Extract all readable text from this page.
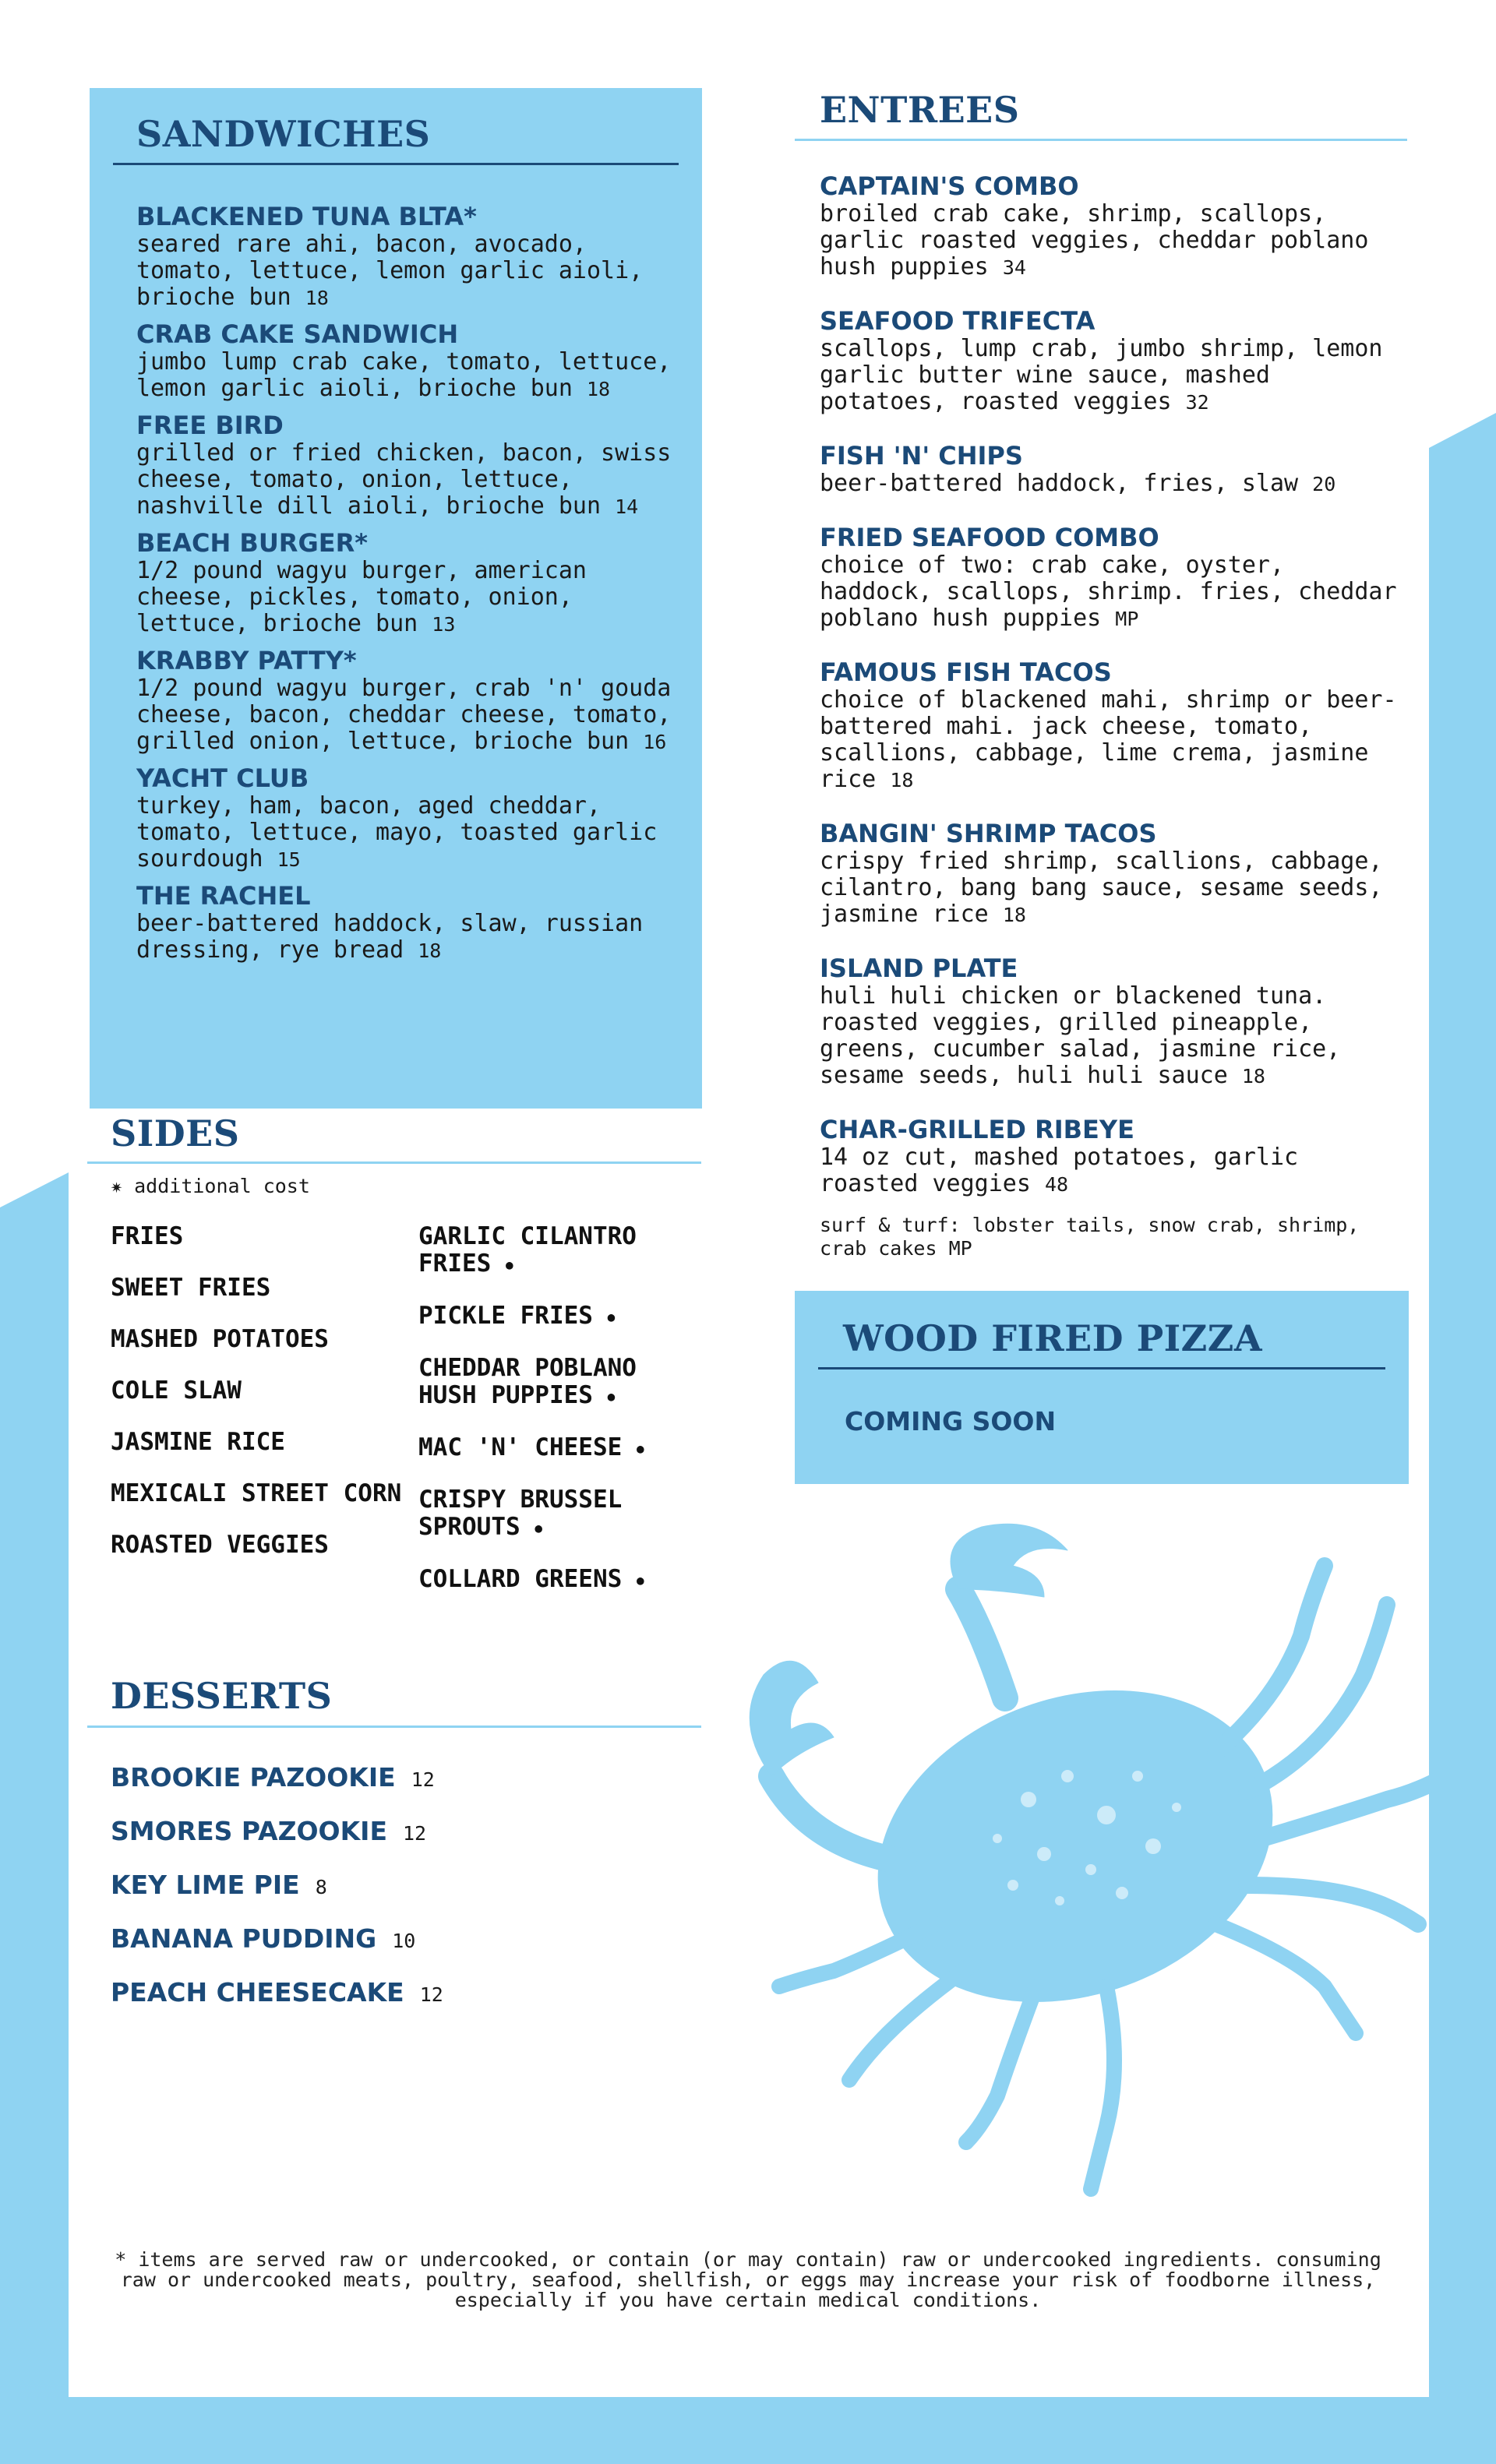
SANDWICHES
BLACKENED TUNA BLTA*
seared rare ahi, bacon, avocado, tomato, lettuce, lemon garlic aioli, brioche bun 18
CRAB CAKE SANDWICH
jumbo lump crab cake, tomato, lettuce, lemon garlic aioli, brioche bun 18
FREE BIRD
grilled or fried chicken, bacon, swiss cheese, tomato, onion, lettuce, nashville dill aioli, brioche bun 14
BEACH BURGER*
1/2 pound wagyu burger, american cheese, pickles, tomato, onion, lettuce, brioche bun 13
KRABBY PATTY*
1/2 pound wagyu burger, crab 'n' gouda cheese, bacon, cheddar cheese, tomato, grilled onion, lettuce, brioche bun 16
YACHT CLUB
turkey, ham, bacon, aged cheddar, tomato, lettuce, mayo, toasted garlic sourdough 15
THE RACHEL
beer-battered haddock, slaw, russian dressing, rye bread 18
ENTREES
CAPTAIN'S COMBO
broiled crab cake, shrimp, scallops, garlic roasted veggies, cheddar poblano hush puppies 34
SEAFOOD TRIFECTA
scallops, lump crab, jumbo shrimp, lemon garlic butter wine sauce, mashed potatoes, roasted veggies 32
FISH 'N' CHIPS
beer-battered haddock, fries, slaw 20
FRIED SEAFOOD COMBO
choice of two: crab cake, oyster, haddock, scallops, shrimp. fries, cheddar poblano hush puppies MP
FAMOUS FISH TACOS
choice of blackened mahi, shrimp or beer-battered mahi. jack cheese, tomato, scallions, cabbage, lime crema, jasmine rice 18
BANGIN' SHRIMP TACOS
crispy fried shrimp, scallions, cabbage, cilantro, bang bang sauce, sesame seeds, jasmine rice 18
ISLAND PLATE
huli huli chicken or blackened tuna. roasted veggies, grilled pineapple, greens, cucumber salad, jasmine rice, sesame seeds, huli huli sauce 18
CHAR-GRILLED RIBEYE
14 oz cut, mashed potatoes, garlic roasted veggies 48
surf & turf: lobster tails, snow crab, shrimp, crab cakes MP
WOOD FIRED PIZZA
COMING SOON
SIDES
✷ additional cost
FRIES
SWEET FRIES
MASHED POTATOES
COLE SLAW
JASMINE RICE
MEXICALI STREET CORN
ROASTED VEGGIES
GARLIC CILANTRO FRIES ●
PICKLE FRIES ●
CHEDDAR POBLANO HUSH PUPPIES ●
MAC 'N' CHEESE ●
CRISPY BRUSSEL SPROUTS ●
COLLARD GREENS ●
DESSERTS
BROOKIE PAZOOKIE 12
SMORES PAZOOKIE 12
KEY LIME PIE 8
BANANA PUDDING 10
PEACH CHEESECAKE 12
* items are served raw or undercooked, or contain (or may contain) raw or undercooked ingredients. consuming raw or undercooked meats, poultry, seafood, shellfish, or eggs may increase your risk of foodborne illness, especially if you have certain medical conditions.
